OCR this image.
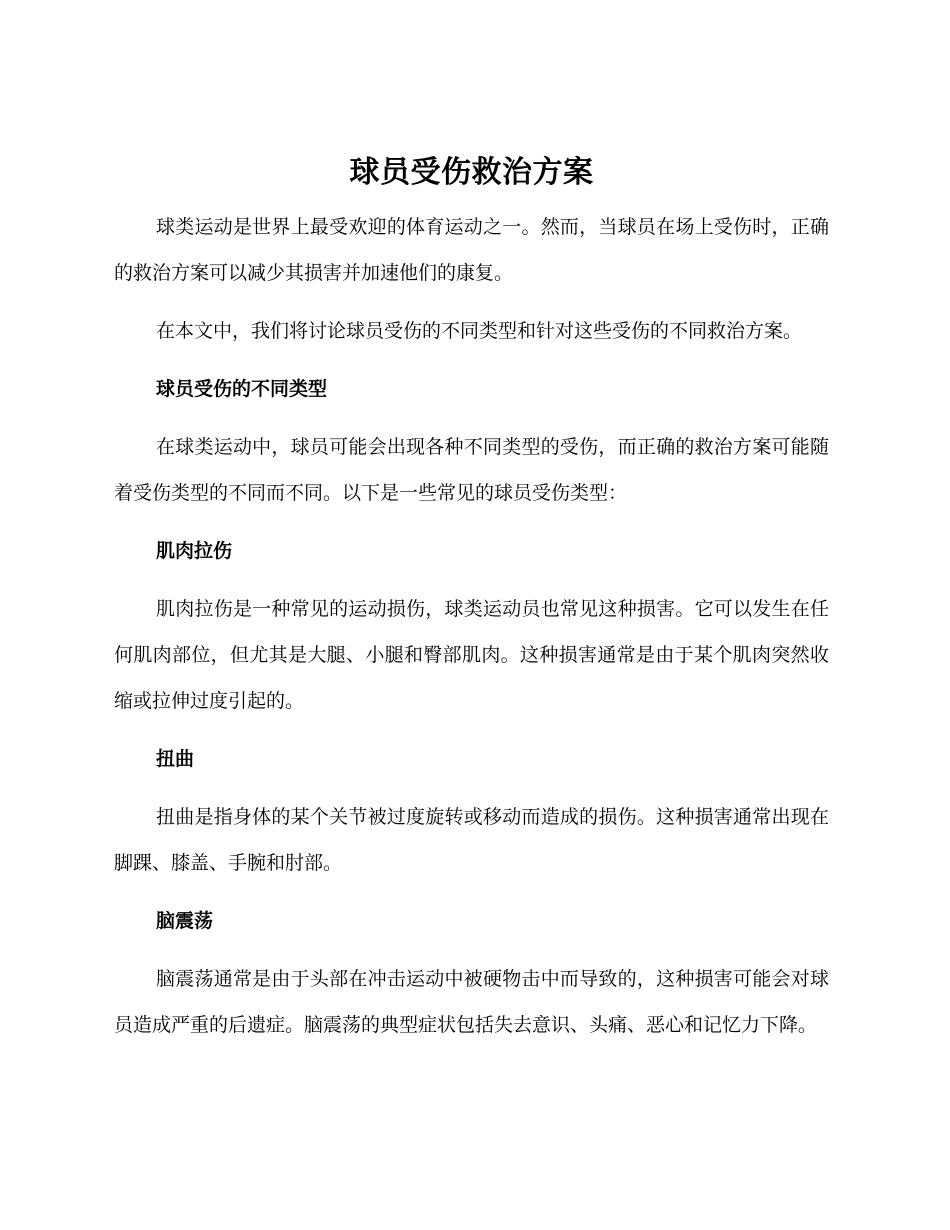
球员受伤救治方案

球类运动是世界上最受欢迎的体育运动之一。然而，当球员在场上受伤时，正确的救治方案可以减少其损害并加速他们的康复。

在本文中，我们将讨论球员受伤的不同类型和针对这些受伤的不同救治方案。

球员受伤的不同类型

在球类运动中，球员可能会出现各种不同类型的受伤，而正确的救治方案可能随着受伤类型的不同而不同。以下是一些常见的球员受伤类型：

肌肉拉伤

肌肉拉伤是一种常见的运动损伤，球类运动员也常见这种损害。它可以发生在任何肌肉部位，但尤其是大腿、小腿和臀部肌肉。这种损害通常是由于某个肌肉突然收缩或拉伸过度引起的。

扭曲

扭曲是指身体的某个关节被过度旋转或移动而造成的损伤。这种损害通常出现在脚踝、膝盖、手腕和肘部。

脑震荡

脑震荡通常是由于头部在冲击运动中被硬物击中而导致的，这种损害可能会对球员造成严重的后遗症。脑震荡的典型症状包括失去意识、头痛、恶心和记忆力下降。
